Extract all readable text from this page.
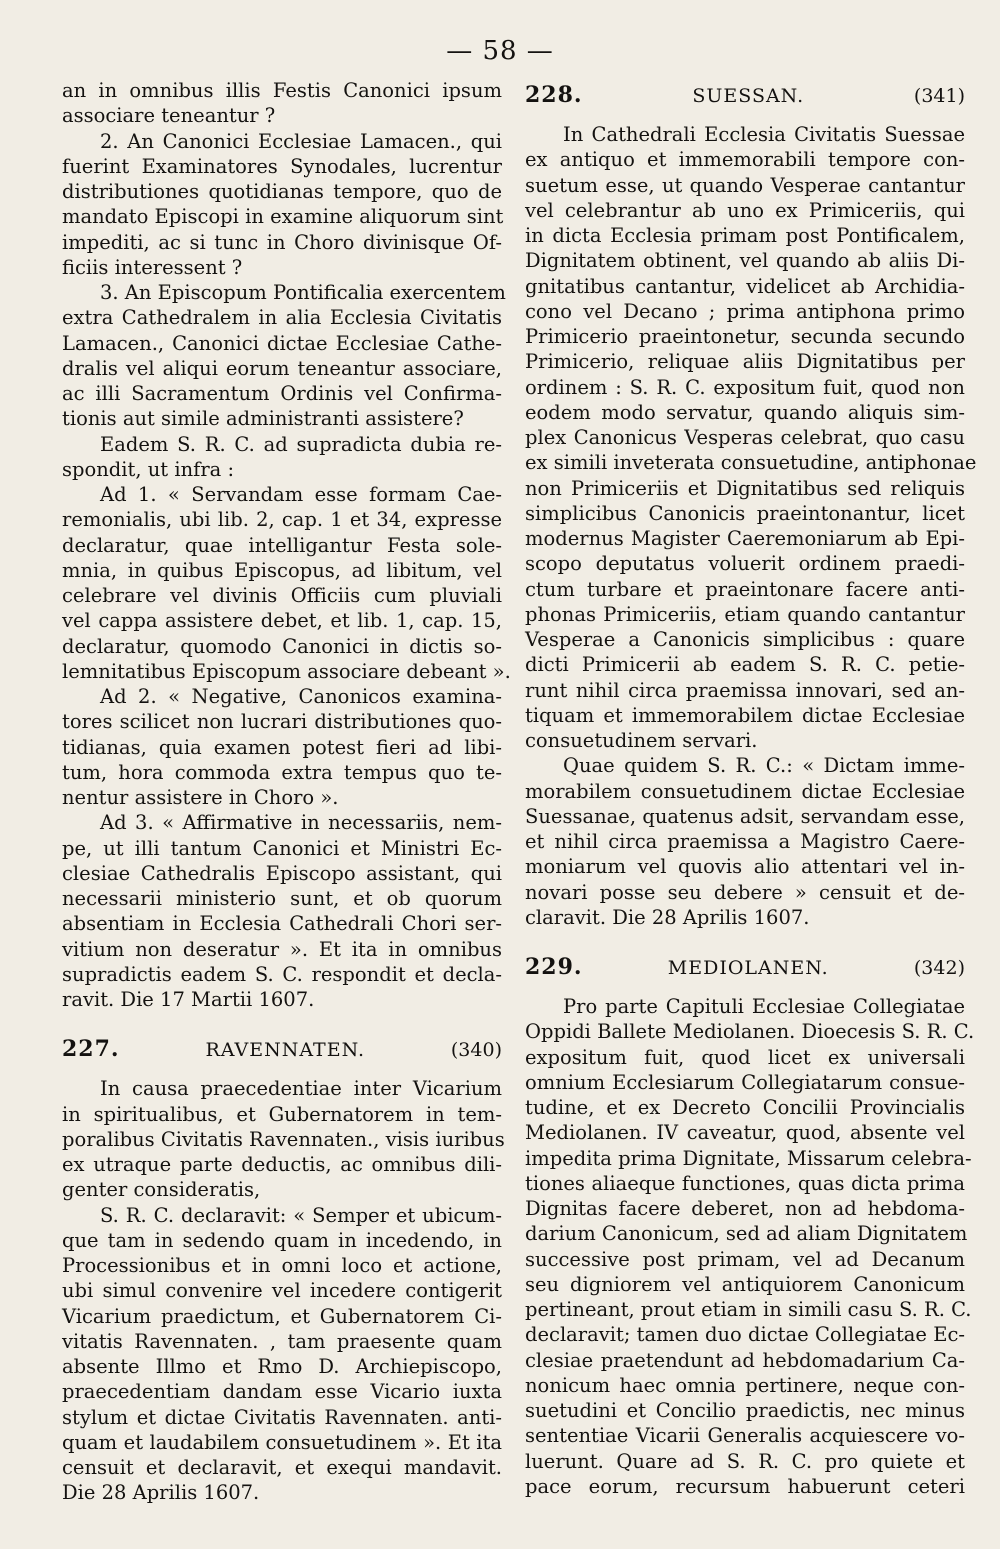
— 58 —
an in omnibus illis Festis Canonici ipsum
associare teneantur ?
2. An Canonici Ecclesiae Lamacen., qui
fuerint Examinatores Synodales, lucrentur
distributiones quotidianas tempore, quo de
mandato Episcopi in examine aliquorum sint
impediti, ac si tunc in Choro divinisque Of-
ficiis interessent ?
3. An Episcopum Pontificalia exercentem
extra Cathedralem in alia Ecclesia Civitatis
Lamacen., Canonici dictae Ecclesiae Cathe-
dralis vel aliqui eorum teneantur associare,
ac illi Sacramentum Ordinis vel Confirma-
tionis aut simile administranti assistere?
Eadem S. R. C. ad supradicta dubia re-
spondit, ut infra :
Ad 1. « Servandam esse formam Cae-
remonialis, ubi lib. 2, cap. 1 et 34, expresse
declaratur, quae intelligantur Festa sole-
mnia, in quibus Episcopus, ad libitum, vel
celebrare vel divinis Officiis cum pluviali
vel cappa assistere debet, et lib. 1, cap. 15,
declaratur, quomodo Canonici in dictis so-
lemnitatibus Episcopum associare debeant ».
Ad 2. « Negative, Canonicos examina-
tores scilicet non lucrari distributiones quo-
tidianas, quia examen potest fieri ad libi-
tum, hora commoda extra tempus quo te-
nentur assistere in Choro ».
Ad 3. « Affirmative in necessariis, nem-
pe, ut illi tantum Canonici et Ministri Ec-
clesiae Cathedralis Episcopo assistant, qui
necessarii ministerio sunt, et ob quorum
absentiam in Ecclesia Cathedrali Chori ser-
vitium non deseratur ». Et ita in omnibus
supradictis eadem S. C. respondit et decla-
ravit. Die 17 Martii 1607.
227.	RAVENNATEN.	(340)
In causa praecedentiae inter Vicarium
in spiritualibus, et Gubernatorem in tem-
poralibus Civitatis Ravennaten., visis iuribus
ex utraque parte deductis, ac omnibus dili-
genter consideratis,
S. R. C. declaravit: « Semper et ubicum-
que tam in sedendo quam in incedendo, in
Processionibus et in omni loco et actione,
ubi simul convenire vel incedere contigerit
Vicarium praedictum, et Gubernatorem Ci-
vitatis Ravennaten. , tam praesente quam
absente Illmo et Rmo D. Archiepiscopo,
praecedentiam dandam esse Vicario iuxta
stylum et dictae Civitatis Ravennaten. anti-
quam et laudabilem consuetudinem ». Et ita
censuit et declaravit, et exequi mandavit.
Die 28 Aprilis 1607.
228.	SUESSAN.	(341)
In Cathedrali Ecclesia Civitatis Suessae
ex antiquo et immemorabili tempore con-
suetum esse, ut quando Vesperae cantantur
vel celebrantur ab uno ex Primiceriis, qui
in dicta Ecclesia primam post Pontificalem,
Dignitatem obtinent, vel quando ab aliis Di-
gnitatibus cantantur, videlicet ab Archidia-
cono vel Decano ; prima antiphona primo
Primicerio praeintonetur, secunda secundo
Primicerio, reliquae aliis Dignitatibus per
ordinem : S. R. C. expositum fuit, quod non
eodem modo servatur, quando aliquis sim-
plex Canonicus Vesperas celebrat, quo casu
ex simili inveterata consuetudine, antiphonae
non Primiceriis et Dignitatibus sed reliquis
simplicibus Canonicis praeintonantur, licet
modernus Magister Caeremoniarum ab Epi-
scopo deputatus voluerit ordinem praedi-
ctum turbare et praeintonare facere anti-
phonas Primiceriis, etiam quando cantantur
Vesperae a Canonicis simplicibus : quare
dicti Primicerii ab eadem S. R. C. petie-
runt nihil circa praemissa innovari, sed an-
tiquam et immemorabilem dictae Ecclesiae
consuetudinem servari.
Quae quidem S. R. C.: « Dictam imme-
morabilem consuetudinem dictae Ecclesiae
Suessanae, quatenus adsit, servandam esse,
et nihil circa praemissa a Magistro Caere-
moniarum vel quovis alio attentari vel in-
novari posse seu debere » censuit et de-
claravit. Die 28 Aprilis 1607.
229.	MEDIOLANEN.	(342)
Pro parte Capituli Ecclesiae Collegiatae
Oppidi Ballete Mediolanen. Dioecesis S. R. C.
expositum fuit, quod licet ex universali
omnium Ecclesiarum Collegiatarum consue-
tudine, et ex Decreto Concilii Provincialis
Mediolanen. IV caveatur, quod, absente vel
impedita prima Dignitate, Missarum celebra-
tiones aliaeque functiones, quas dicta prima
Dignitas facere deberet, non ad hebdoma-
darium Canonicum, sed ad aliam Dignitatem
successive post primam, vel ad Decanum
seu digniorem vel antiquiorem Canonicum
pertineant, prout etiam in simili casu S. R. C.
declaravit; tamen duo dictae Collegiatae Ec-
clesiae praetendunt ad hebdomadarium Ca-
nonicum haec omnia pertinere, neque con-
suetudini et Concilio praedictis, nec minus
sententiae Vicarii Generalis acquiescere vo-
luerunt. Quare ad S. R. C. pro quiete et
pace eorum, recursum habuerunt ceteri
